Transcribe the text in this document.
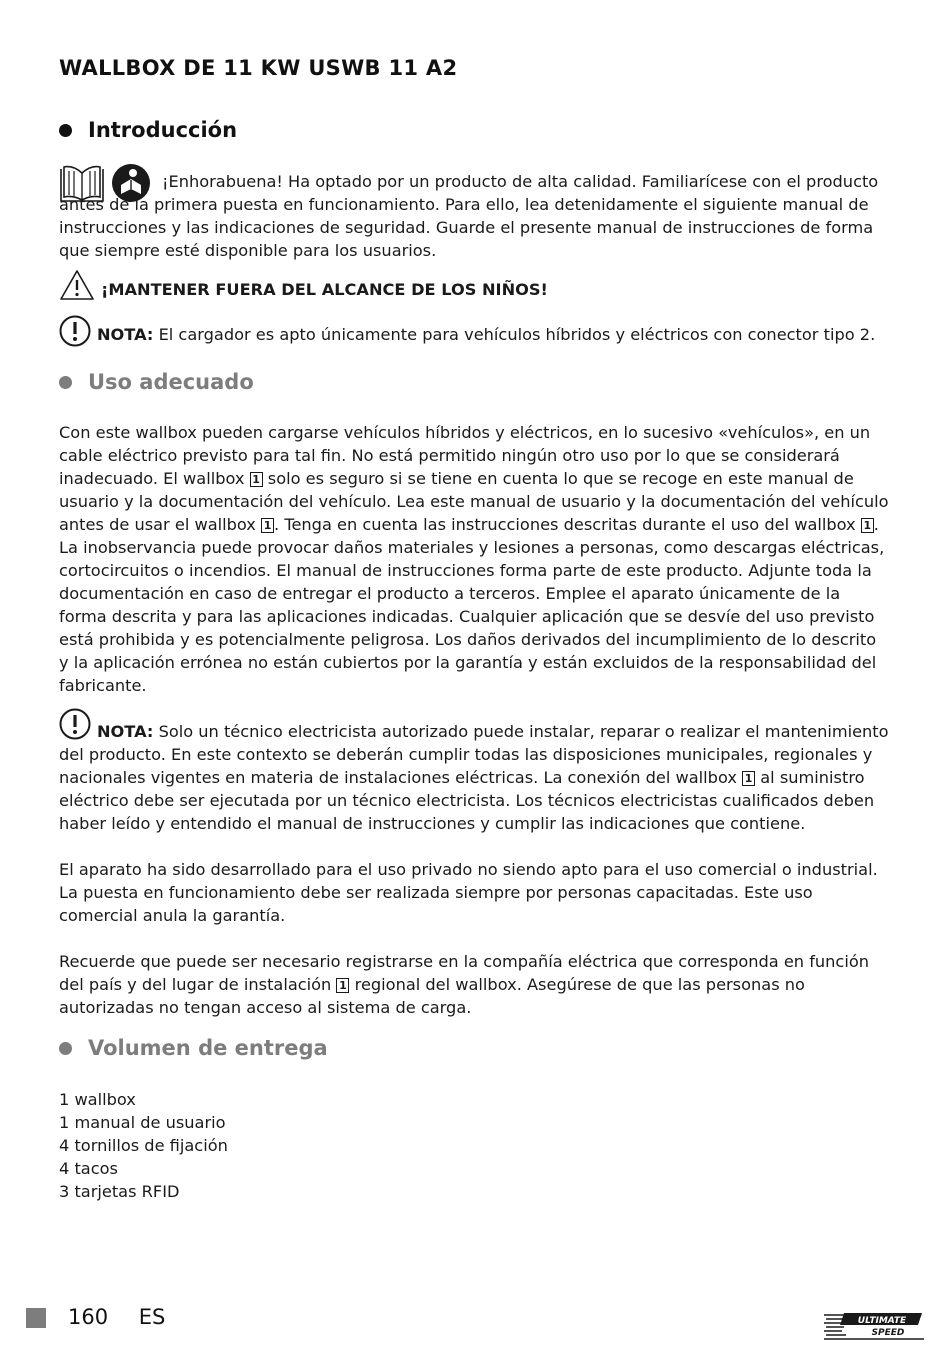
WALLBOX DE 11 KW USWB 11 A2
Introducción

¡Enhorabuena! Ha optado por un producto de alta calidad. Familiarícese con el producto antes de la primera puesta en funcionamiento. Para ello, lea detenidamente el siguiente manual de instrucciones y las indicaciones de seguridad. Guarde el presente manual de instrucciones de forma que siempre esté disponible para los usuarios.

¡MANTENER FUERA DEL ALCANCE DE LOS NIÑOS!

NOTA: El cargador es apto únicamente para vehículos híbridos y eléctricos con conector tipo 2.

Uso adecuado

Con este wallbox pueden cargarse vehículos híbridos y eléctricos, en lo sucesivo «vehículos», en un cable eléctrico previsto para tal fin. No está permitido ningún otro uso por lo que se considerará inadecuado. El wallbox 1 solo es seguro si se tiene en cuenta lo que se recoge en este manual de usuario y la documentación del vehículo. Lea este manual de usuario y la documentación del vehículo antes de usar el wallbox 1 . Tenga en cuenta las instrucciones descritas durante el uso del wallbox 1 . La inobservancia puede provocar daños materiales y lesiones a personas, como descargas eléctricas, cortocircuitos o incendios. El manual de instrucciones forma parte de este producto. Adjunte toda la documentación en caso de entregar el producto a terceros. Emplee el aparato únicamente de la forma descrita y para las aplicaciones indicadas. Cualquier aplicación que se desvíe del uso previsto está prohibida y es potencialmente peligrosa. Los daños derivados del incumplimiento de lo descrito y la aplicación errónea no están cubiertos por la garantía y están excluidos de la responsabilidad del fabricante.

NOTA: Solo un técnico electricista autorizado puede instalar, reparar o realizar el mantenimiento del producto. En este contexto se deberán cumplir todas las disposiciones municipales, regionales y nacionales vigentes en materia de instalaciones eléctricas. La conexión del wallbox 1 al suministro eléctrico debe ser ejecutada por un técnico electricista. Los técnicos electricistas cualificados deben haber leído y entendido el manual de instrucciones y cumplir las indicaciones que contiene.

El aparato ha sido desarrollado para el uso privado no siendo apto para el uso comercial o industrial. La puesta en funcionamiento debe ser realizada siempre por personas capacitadas. Este uso comercial anula la garantía.

Recuerde que puede ser necesario registrarse en la compañía eléctrica que corresponda en función del país y del lugar de instalación 1 regional del wallbox. Asegúrese de que las personas no autorizadas no tengan acceso al sistema de carga.

Volumen de entrega
1 wallbox
1 manual de usuario
4 tornillos de fijación
4 tacos
3 tarjetas RFID
160 ES	ULTIMATE
SPEED
